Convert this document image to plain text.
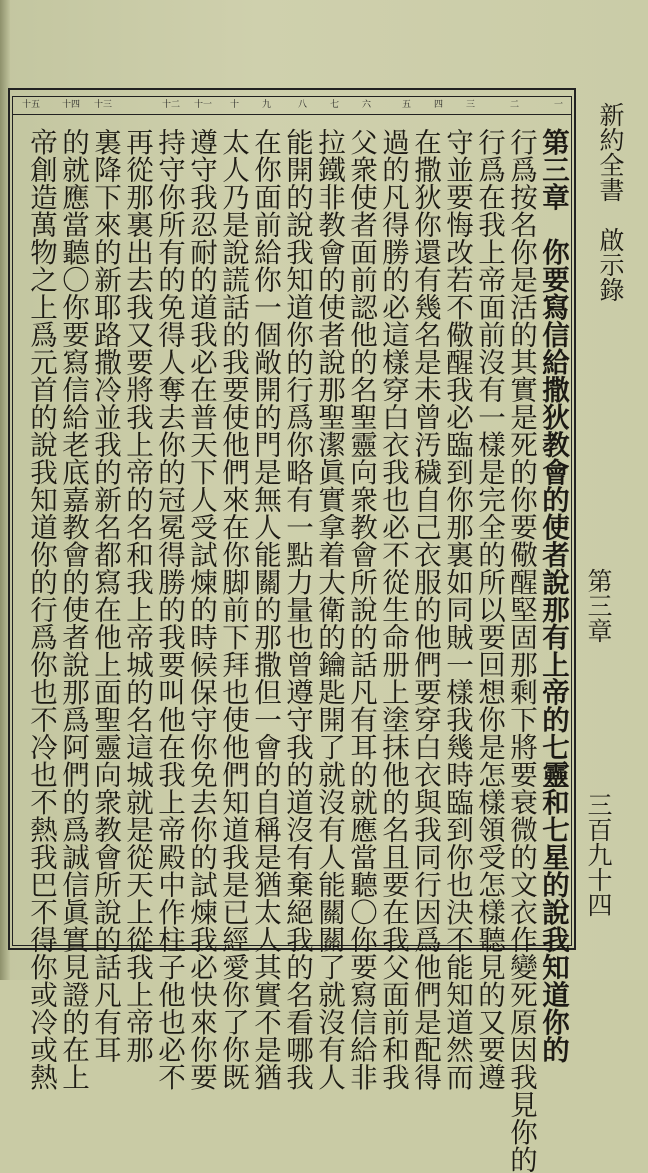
十五 十四 十三	十二 十一 十	九	八	七	六	五	四	三	二	一
第三章　你要寫信給撒狄教會的使者說那有上帝的七靈和七星的說我知道你的
行爲按名你是活的其實是死的你要儆醒堅固那剩下將要衰微的文衣作變死原因我見你的
行爲在我上帝面前沒有一樣是完全的所以要回想你是怎樣領受怎樣聽見的又要遵
守並要悔改若不儆醒我必臨到你那裏如同賊一樣我幾時臨到你也決不能知道然而
在撒狄你還有幾名是未曾汚穢自己衣服的他們要穿白衣與我同行因爲他們是配得
過的凡得勝的必這樣穿白衣我也必不從生命册上塗抹他的名且要在我父面前和我
父衆使者面前認他的名聖靈向衆教會所說的話凡有耳的就應當聽〇你要寫信給非
拉鐵非教會的使者說那聖潔眞實拿着大衛的鑰匙開了就沒有人能關關了就沒有人
能開的說我知道你的行爲你略有一點力量也曾遵守我的道沒有棄絕我的名看哪我
在你面前給你一個敞開的門是無人能關的那撒但一會的自稱是猶太人其實不是猶
太人乃是說謊話的我要使他們來在你脚前下拜也使他們知道我是已經愛你了你既
遵守我忍耐的道我必在普天下人受試煉的時候保守你免去你的試煉我必快來你要
持守你所有的免得人奪去你的冠冕得勝的我要叫他在我上帝殿中作柱子他也必不
再從那裏出去我又要將我上帝的名和我上帝城的名這城就是從天上從我上帝那
裏降下來的新耶路撒冷並我的新名都寫在他上面聖靈向衆教會所說的話凡有耳
的就應當聽〇你要寫信給老底嘉教會的使者說那爲阿們的爲誠信眞實見證的在上
帝創造萬物之上爲元首的說我知道你的行爲你也不冷也不熱我巴不得你或冷或熱	新約全書　啟示錄
第三章
三百九十四
